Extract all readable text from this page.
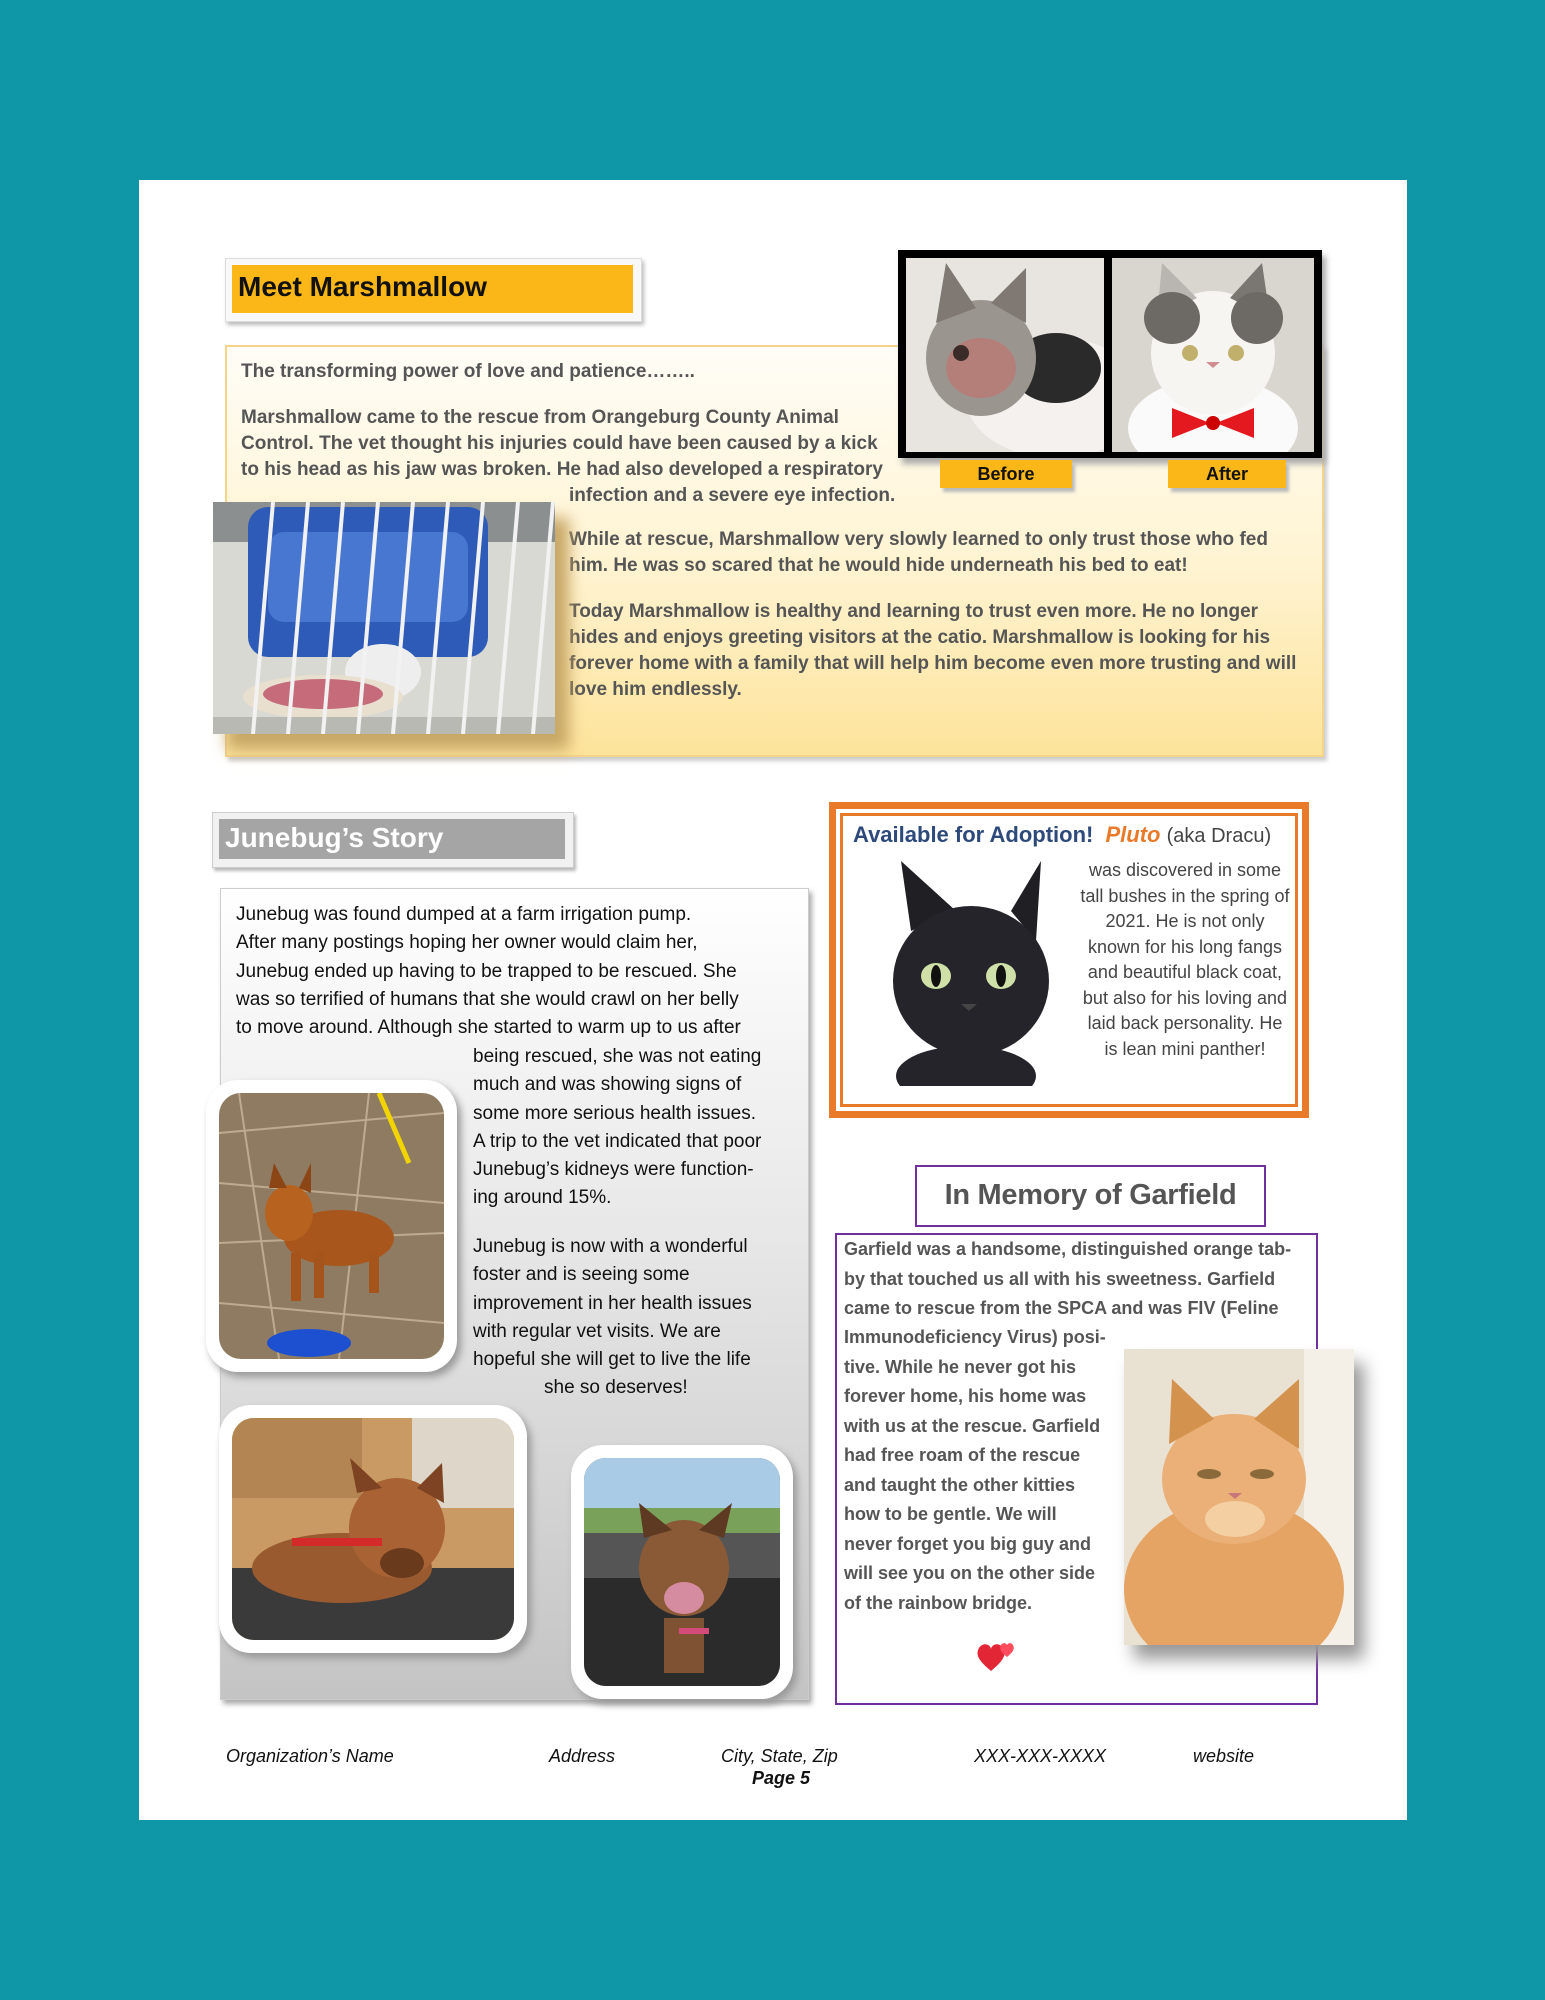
Meet Marshmallow
The transforming power of love and patience……..
Marshmallow came to the rescue from Orangeburg County Animal
Control. The vet thought his injuries could have been caused by a kick
to his head as his jaw was broken. He had also developed a respiratory
infection and a severe eye infection.
While at rescue, Marshmallow very slowly learned to only trust those who fed him. He was so scared that he would hide underneath his bed to eat!
Today Marshmallow is healthy and learning to trust even more. He no longer hides and enjoys greeting visitors at the catio. Marshmallow is looking for his forever home with a family that will help him become even more trusting and will love him endlessly.
Before	After
Junebug’s Story
Junebug was found dumped at a farm irrigation pump.
After many postings hoping her owner would claim her,
Junebug ended up having to be trapped to be rescued. She
was so terrified of humans that she would crawl on her belly
to move around. Although she started to warm up to us after
being rescued, she was not eating
much and was showing signs of
some more serious health issues.
A trip to the vet indicated that poor
Junebug’s kidneys were function-
ing around 15%.
Junebug is now with a wonderful
foster and is seeing some
improvement in her health issues
with regular vet visits. We are
hopeful she will get to live the life
she so deserves!
Available for Adoption! Pluto (aka Dracu)
was discovered in some
tall bushes in the spring of
2021. He is not only
known for his long fangs
and beautiful black coat,
but also for his loving and
laid back personality. He
is lean mini panther!
In Memory of Garfield
Garfield was a handsome, distinguished orange tab-
by that touched us all with his sweetness. Garfield
came to rescue from the SPCA and was FIV (Feline
Immunodeficiency Virus) posi-
tive. While he never got his
forever home, his home was
with us at the rescue. Garfield
had free roam of the rescue
and taught the other kitties
how to be gentle. We will
never forget you big guy and
will see you on the other side
of the rainbow bridge.
Organization’s Name	Address	City, State, Zip	XXX-XXX-XXXX	website
Page 5
